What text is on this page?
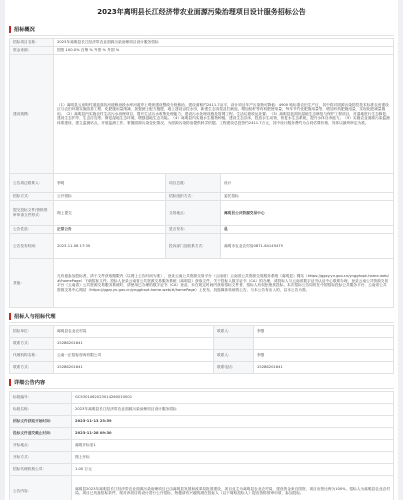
2023年离明县长江经济带农业面源污染治理项目设计服务招标公告
招标概况
招标项目名称：	2023年离明县长江经济带农业面源污染治理项目设计服务招标		
资金来源：	国资 100.0% 自筹 % 外资 % 外国 %		
建设规模：	（1）离明县云泉街村道盒面坑河道修治段水库河道岸上堤坝建设整改分段修治，建设面积约2411.7亩平，设计项目年产污染物可降低：4900 吨标准农田生产区，其中将对面源污染防控技术标准农田建设区与农田环境实施改善工程，化肥施用量削减，加强测土配方施肥，地上建设亩控水田，新建生态沟渠及拦截池，增加秸秆等有机肥使用量，每年节约化肥施用量等，增加有机肥施用量，实现化肥减量施用。（2）离明县内实施农村生活污水治理项目，提升生活污水收集处理能力，建设污水处理设施及管网工程，生活垃圾收运处置；（3）离明县盒面坑湿地生态修复与保护工程项目，对湿地进行生态修复，建设生态护岸、生态浮岛等，修复湿地生态环境，增强湿地生态功能。（4）离明县内实施水生植物种植，建设生态浮床，投放水生动物，恢复水生态系统，提升水体自净能力。（5）实施农业面源污染监测体系建设，建立监测站点，开展监测工作，掌握面源污染变化情况，为面源污染防治提供科学依据。工程建设总投资约2411.7万元，其中设计服务费约为合同估算价格，具体以最终审定为准。		
公告周边联系人：	李明	项目总数：	设计
招标方式：	公开招标	招标组织方式：	委托招标
提交投标文件/资格预审申请文件形式：	网上提交	交易地点：	离明县公共资源交易中心
公告性质：	正常公告	是否发布：	是
公告发布时间：	2023-11-06 17:30	投诉部门及联系方式：	离明市农业农村局0871-64149475
其他：	凡有意参加投标者，请于文件获取期限内（以网上公告时间为准），登录云南公共资源交易平台（云南省）云南省公共资源交易服务系统（离明县）网站（https://ggzy.yn.gov.cn/yngghxpt-home-web/#/homePage）下载招标文件。投标人登录云南省公共资源交易服务系统（离明县）获取文件，关于投标人数字证书（CA）的办理，请投标人与云南省数字证书认证中心联系办理，登录云南公共资源交易平台（云南省）公共资源交易服务系统时，请使用已办理的数字证书（CA）登录。未在规定时间内获取招标文件者，招标人有权拒绝其投标。本次招标公告同时在中国招标投标公共服务平台、云南省公共资源交易中心网站（https://ggzy.yn.gov.cn/yngghxpt-home-web/#/homePage）上发布，其他媒体转载的公告，与本公告有出入的，以本公告为准。		
招标人与招标代理
招标单位：	离明县农业农村局	联系人：	李强
联系方式：	15288201641		
代理机构名称：	云南一正招标咨询有限公司	联系人：	李强
联系方式：	15288201641	联系电话：	15288201641
详细公告内容
标段编号：	GC5301062023014260010001
标段名称：	2023年离明县长江经济带农业面源污染治理项目设计服务招标
招标文件获取开始时间：	2023-11-13 23:59
投标文件递交截止时间：	2023-11-28 09:30
开标地点：	离明开标室1
开标方式：	网上开标
招标代理机构公司：	1.00 万元
公告内容：	离明县2023年离明县长江经济带农业面源污染治理项目已由离明县发展和改革局批准建设，项目业主为离明县农业农村局，建设资金来自国资，项目出资比例为100%，招标人为离明县农业农村局。项目已具备招标条件，现对该项目的设计进行公开招标，特邀请有兴趣的潜在投标人（以下简称投标人）提出资格预审申请，参加投标。
